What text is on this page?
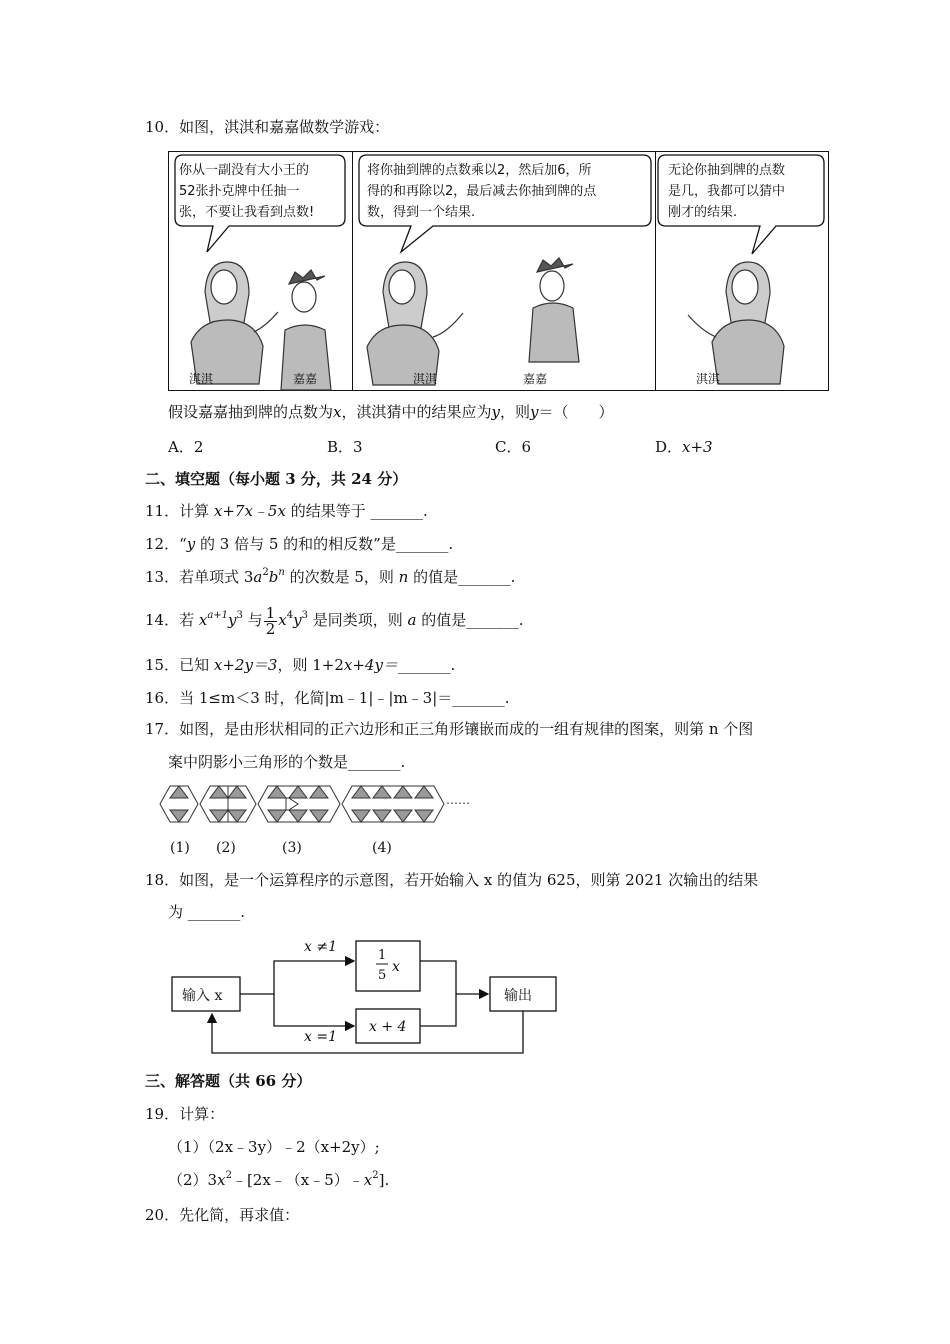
10．如图，淇淇和嘉嘉做数学游戏：
你从一副没有大小王的
52张扑克牌中任抽一
张，不要让我看到点数!
淇淇	嘉嘉
将你抽到牌的点数乘以2，然后加6，所
得的和再除以2，最后减去你抽到牌的点
数，得到一个结果.
淇淇	嘉嘉
无论你抽到牌的点数
是几，我都可以猜中
刚才的结果.
淇淇
假设嘉嘉抽到牌的点数为x，淇淇猜中的结果应为y，则y＝（　　）
A．2	B．3	C．6	D．x+3
二、填空题（每小题 3 分，共 24 分）
11．计算 x+7x﹣5x 的结果等于 _______.
12．“y 的 3 倍与 5 的和的相反数”是_______.
13．若单项式 $3a^2b^n$ 的次数是 5，则 n 的值是_______.
14．若 $x^{a+1}y^3$ 与 $\frac{1}{2} x^4y^3$ 是同类项，则 a 的值是_______.
15．已知 x+2y＝3，则 1+2x+4y＝_______.
16．当 1≤m＜3 时，化简|m﹣1|﹣|m﹣3|＝_______.
17．如图，是由形状相同的正六边形和正三角形镶嵌而成的一组有规律的图案，则第 n 个图
案中阴影小三角形的个数是_______.
……
(1) (2)	(3)	(4)
18．如图，是一个运算程序的示意图，若开始输入 x 的值为 625，则第 2021 次输出的结果
为 _______.
输入 x	输出
x ≠1
x =1
1
5
x
x + 4
三、解答题（共 66 分）
19．计算：
（1）（2x﹣3y）﹣2（x+2y）;
$(2)3x^2﹣[2x﹣(x﹣5)﹣x^2]$.
20．先化简，再求值：
